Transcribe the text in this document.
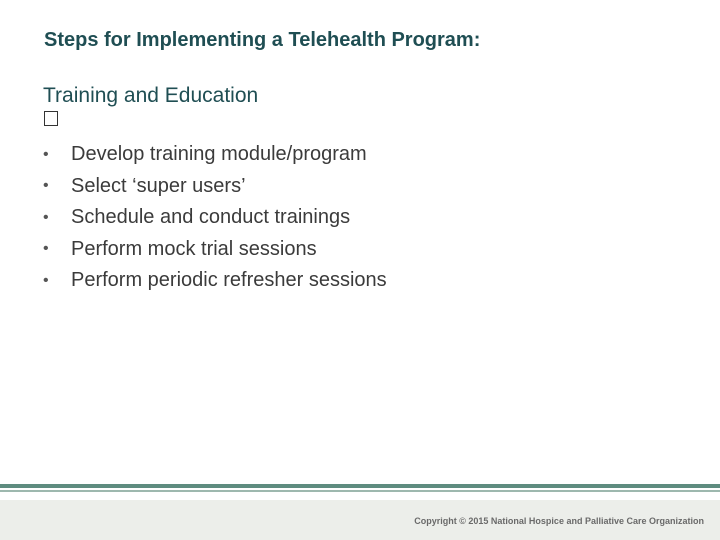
Steps for Implementing a Telehealth Program:
Training and Education
•	Develop training module/program
•	Select ‘super users’
•	Schedule and conduct trainings
•	Perform mock trial sessions
•	Perform periodic refresher sessions
Copyright © 2015 National Hospice and Palliative Care Organization
